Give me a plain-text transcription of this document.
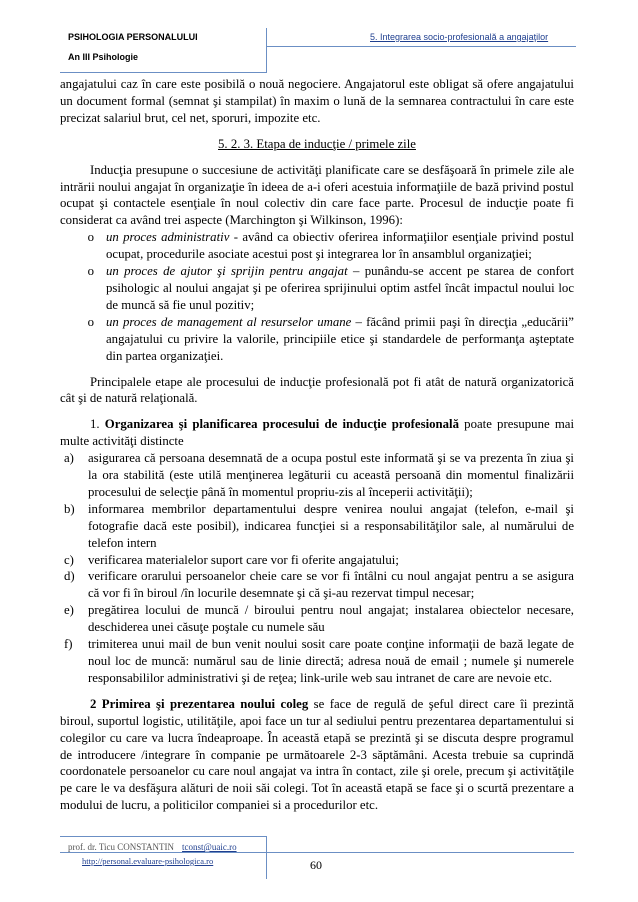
PSIHOLOGIA PERSONALULUI
An III Psihologie
5. Integrarea socio-profesională a angajaţilor

angajatului caz în care este posibilă o nouă negociere. Angajatorul este obligat să ofere angajatului un document formal (semnat şi stampilat) în maxim o lună de la semnarea contractului în care este precizat salariul brut, cel net, sporuri, impozite etc.

5. 2. 3. Etapa de inducţie / primele zile

Inducţia presupune o succesiune de activităţi planificate care se desfăşoară în primele zile ale intrării noului angajat în organizaţie în ideea de a-i oferi acestuia informaţiile de bază privind postul ocupat şi contactele esenţiale în noul colectiv din care face parte. Procesul de inducţie poate fi considerat ca având trei aspecte (Marchington şi Wilkinson, 1996):

o un proces administrativ - având ca obiectiv oferirea informaţiilor esenţiale privind postul ocupat, procedurile asociate acestui post şi integrarea lor în ansamblul organizaţiei;
o un proces de ajutor şi sprijin pentru angajat – punându-se accent pe starea de confort psihologic al noului angajat şi pe oferirea sprijinului optim astfel încât impactul noului loc de muncă să fie unul pozitiv;
o un proces de management al resurselor umane – făcând primii paşi în direcţia „educării” angajatului cu privire la valorile, principiile etice şi standardele de performanţa aşteptate din partea organizaţiei.

Principalele etape ale procesului de inducţie profesională pot fi atât de natură organizatorică cât şi de natură relaţională.

1. Organizarea şi planificarea procesului de inducţie profesională poate presupune mai multe activităţi distincte

a)	asigurarea că persoana desemnată de a ocupa postul este informată şi se va prezenta în ziua şi la ora stabilită (este utilă menţinerea legăturii cu această persoană din momentul finalizării procesului de selecţie până în momentul propriu-zis al începerii activităţii);
b)	informarea membrilor departamentului despre venirea noului angajat (telefon, e-mail şi fotografie dacă este posibil), indicarea funcţiei si a responsabilităţilor sale, al numărului de telefon intern
c)	verificarea materialelor suport care vor fi oferite angajatului;
d)	verificare orarului persoanelor cheie care se vor fi întâlni cu noul angajat pentru a se asigura că vor fi în biroul /în locurile desemnate şi că şi-au rezervat timpul necesar;
e)	pregătirea locului de muncă / biroului pentru noul angajat; instalarea obiectelor necesare, deschiderea unei căsuţe poştale cu numele său
f)	trimiterea unui mail de bun venit noului sosit care poate conţine informaţii de bază legate de noul loc de muncă: numărul sau de linie directă; adresa nouă de email ; numele şi numerele responsabililor administrativi şi de reţea; link-urile web sau intranet de care are nevoie etc.

2 Primirea şi prezentarea noului coleg se face de regulă de şeful direct care îi prezintă biroul, suportul logistic, utilităţile, apoi face un tur al sediului pentru prezentarea departamentului si colegilor cu care va lucra îndeaproape. În această etapă se prezintă şi se discuta despre programul de introducere /integrare în companie pe următoarele 2-3 săptămâni. Acesta trebuie sa cuprindă coordonatele persoanelor cu care noul angajat va intra în contact, zile şi orele, precum şi activităţile pe care le va desfăşura alături de noii săi colegi. Tot în această etapă se face şi o scurtă prezentare a modului de lucru, a politicilor companiei si a procedurilor etc.

prof. dr. Ticu CONSTANTIN tconst@uaic.ro
http://personal.evaluare-psihologica.ro	60
